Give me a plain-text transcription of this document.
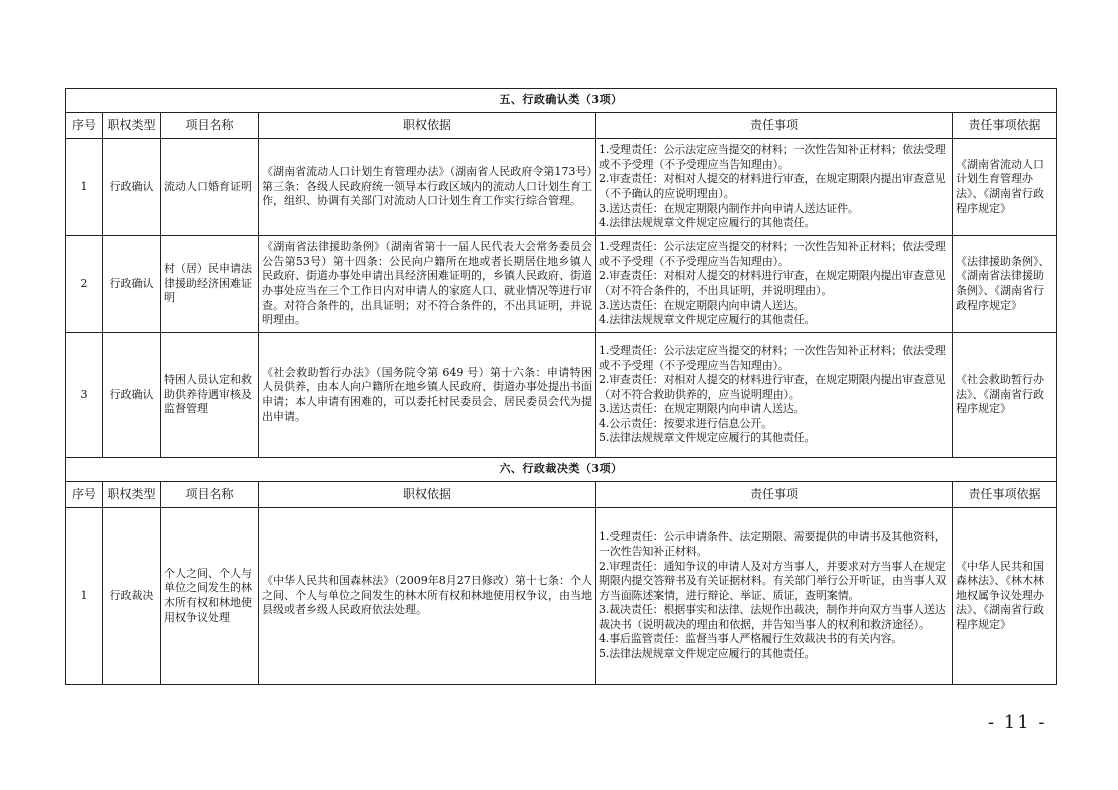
五、行政确认类（3项）					
序号	职权类型	项目名称	职权依据	责任事项	责任事项依据
1	行政确认	流动人口婚育证明	《湖南省流动人口计划生育管理办法》（湖南省人民政府令第173号）第三条：各级人民政府统一领导本行政区域内的流动人口计划生育工作，组织、协调有关部门对流动人口计划生育工作实行综合管理。	1.受理责任：公示法定应当提交的材料；一次性告知补正材料；依法受理或不予受理（不予受理应当告知理由）。
2.审查责任：对相对人提交的材料进行审查，在规定期限内提出审查意见（不予确认的应说明理由）。
3.送达责任：在规定期限内制作并向申请人送达证件。
4.法律法规规章文件规定应履行的其他责任。	《湖南省流动人口计划生育管理办法》、《湖南省行政程序规定》
2	行政确认	村（居）民申请法律援助经济困难证明	《湖南省法律援助条例》（湖南省第十一届人民代表大会常务委员会公告第53号）第十四条：公民向户籍所在地或者长期居住地乡镇人民政府、街道办事处申请出具经济困难证明的，乡镇人民政府、街道办事处应当在三个工作日内对申请人的家庭人口、就业情况等进行审查。对符合条件的，出具证明；对不符合条件的，不出具证明，并说明理由。	1.受理责任：公示法定应当提交的材料；一次性告知补正材料；依法受理或不予受理（不予受理应当告知理由）。
2.审查责任：对相对人提交的材料进行审查，在规定期限内提出审查意见（对不符合条件的，不出具证明，并说明理由）。
3.送达责任：在规定期限内向申请人送达。
4.法律法规规章文件规定应履行的其他责任。	《法律援助条例》、《湖南省法律援助条例》、《湖南省行政程序规定》
3	行政确认	特困人员认定和救助供养待遇审核及监督管理	《社会救助暂行办法》（国务院令第 649 号）第十六条：申请特困人员供养，由本人向户籍所在地乡镇人民政府、街道办事处提出书面申请；本人申请有困难的，可以委托村民委员会、居民委员会代为提出申请。	1.受理责任：公示法定应当提交的材料；一次性告知补正材料；依法受理或不予受理（不予受理应当告知理由）。
2.审查责任：对相对人提交的材料进行审查，在规定期限内提出审查意见（对不符合救助供养的，应当说明理由）。
3.送达责任：在规定期限内向申请人送达。
4.公示责任：按要求进行信息公开。
5.法律法规规章文件规定应履行的其他责任。	《社会救助暂行办法》、《湖南省行政程序规定》
六、行政裁决类（3项）					
序号	职权类型	项目名称	职权依据	责任事项	责任事项依据
1	行政裁决	个人之间、个人与单位之间发生的林木所有权和林地使用权争议处理	《中华人民共和国森林法》（2009年8月27日修改）第十七条：个人之间、个人与单位之间发生的林木所有权和林地使用权争议，由当地县级或者乡级人民政府依法处理。	1.受理责任：公示申请条件、法定期限、需要提供的申请书及其他资料，一次性告知补正材料。
2.审理责任：通知争议的申请人及对方当事人，并要求对方当事人在规定期限内提交答辩书及有关证据材料。有关部门举行公开听证，由当事人双方当面陈述案情，进行辩论、举证、质证，查明案情。
3.裁决责任：根据事实和法律、法规作出裁决，制作并向双方当事人送达裁决书（说明裁决的理由和依据，并告知当事人的权利和救济途径）。
4.事后监管责任：监督当事人严格履行生效裁决书的有关内容。
5.法律法规规章文件规定应履行的其他责任。	《中华人民共和国森林法》、《林木林地权属争议处理办法》、《湖南省行政程序规定》
- 11 -
